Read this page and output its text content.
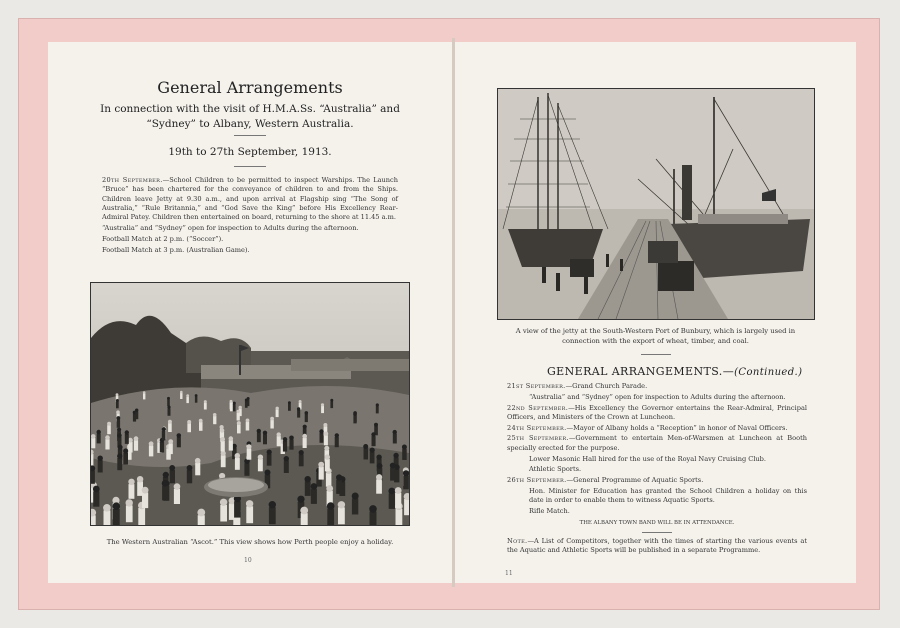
General Arrangements
In connection with the visit of H.M.A.Ss. “Australia” and
“Sydney” to Albany, Western Australia.
19th to 27th September, 1913.

20th September.—School Children to be permitted to inspect Warships. The Launch “Bruce” has been chartered for the conveyance of children to and from the Ships. Children leave Jetty at 9.30 a.m., and upon arrival at Flagship sing “The Song of Australia,” “Rule Britannia,” and “God Save the King” before His Excellency Rear-Admiral Patey. Children then entertained on board, returning to the shore at 11.45 a.m.

“Australia” and “Sydney” open for inspection to Adults during the afternoon.

Football Match at 2 p.m. (“Soccer”).

Football Match at 3 p.m. (Australian Game).

The Western Australian “Ascot.” This view shows how Perth people enjoy a holiday.
10
A view of the jetty at the South-Western Port of Bunbury, which is largely used in
connection with the export of wheat, timber, and coal.
GENERAL ARRANGEMENTS.—(Continued.)

21st September.—Grand Church Parade.

“Australia” and “Sydney” open for inspection to Adults during the afternoon.

22nd September.—His Excellency the Governor entertains the Rear-Admiral, Principal Officers, and Ministers of the Crown at Luncheon.

24th September.—Mayor of Albany holds a “Reception” in honor of Naval Officers.

25th September.—Government to entertain Men-of-Warsmen at Luncheon at Booth specially erected for the purpose.

Lower Masonic Hall hired for the use of the Royal Navy Cruising Club.

Athletic Sports.

26th September.—General Programme of Aquatic Sports.

Hon. Minister for Education has granted the School Children a holiday on this date in order to enable them to witness Aquatic Sports.

Rifle Match.

THE ALBANY TOWN BAND WILL BE IN ATTENDANCE.

Note.—A List of Competitors, together with the times of starting the various events at the Aquatic and Athletic Sports will be published in a separate Programme.

11
